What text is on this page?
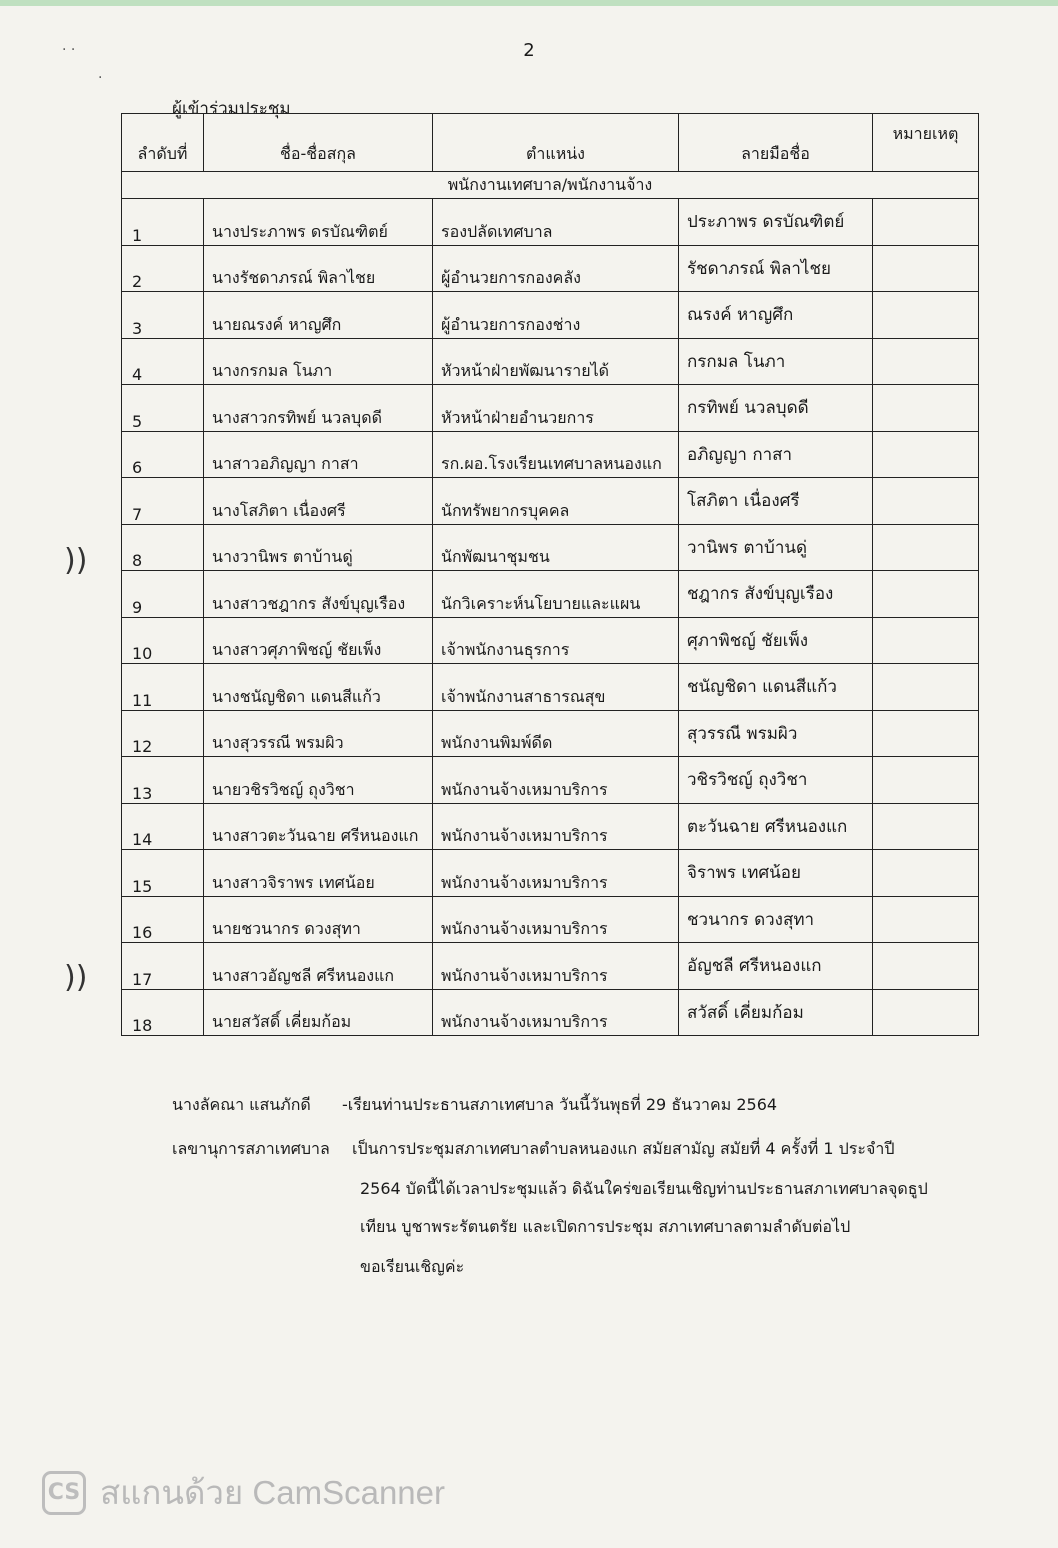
· ·
·
2
ผู้เข้าร่วมประชุม
ลำดับที่	ชื่อ-ชื่อสกุล	ตำแหน่ง	ลายมือชื่อ	หมายเหตุ
พนักงานเทศบาล/พนักงานจ้าง				
1	นางประภาพร ดรบัณฑิตย์	รองปลัดเทศบาล	ประภาพร ดรบัณฑิตย์	
2	นางรัชดาภรณ์ พิลาไชย	ผู้อำนวยการกองคลัง	รัชดาภรณ์ พิลาไชย	
3	นายณรงค์ หาญศึก	ผู้อำนวยการกองช่าง	ณรงค์ หาญศึก	
4	นางกรกมล โนภา	หัวหน้าฝ่ายพัฒนารายได้	กรกมล โนภา	
5	นางสาวกรทิพย์ นวลบุดดี	หัวหน้าฝ่ายอำนวยการ	กรทิพย์ นวลบุดดี	
6	นาสาวอภิญญา กาสา	รก.ผอ.โรงเรียนเทศบาลหนองแก	อภิญญา กาสา	
7	นางโสภิตา เนื่องศรี	นักทรัพยากรบุคคล	โสภิตา เนื่องศรี	
8	นางวานิพร ตาบ้านดู่	นักพัฒนาชุมชน	วานิพร ตาบ้านดู่	
9	นางสาวชฎากร สังข์บุญเรือง	นักวิเคราะห์นโยบายและแผน	ชฎากร สังข์บุญเรือง	
10	นางสาวศุภาพิชญ์ ชัยเพ็ง	เจ้าพนักงานธุรการ	ศุภาพิชญ์ ชัยเพ็ง	
11	นางชนัญชิดา แดนสีแก้ว	เจ้าพนักงานสาธารณสุข	ชนัญชิดา แดนสีแก้ว	
12	นางสุวรรณี พรมผิว	พนักงานพิมพ์ดีด	สุวรรณี พรมผิว	
13	นายวชิรวิชญ์ ถุงวิชา	พนักงานจ้างเหมาบริการ	วชิรวิชญ์ ถุงวิชา	
14	นางสาวตะวันฉาย ศรีหนองแก	พนักงานจ้างเหมาบริการ	ตะวันฉาย ศรีหนองแก	
15	นางสาวจิราพร เทศน้อย	พนักงานจ้างเหมาบริการ	จิราพร เทศน้อย	
16	นายชวนากร ดวงสุทา	พนักงานจ้างเหมาบริการ	ชวนากร ดวงสุทา	
17	นางสาวอัญชลี ศรีหนองแก	พนักงานจ้างเหมาบริการ	อัญชลี ศรีหนองแก	
18	นายสวัสดิ์ เคี่ยมก้อม	พนักงานจ้างเหมาบริการ	สวัสดิ์ เคี่ยมก้อม	
นางลัคณา แสนภักดี -เรียนท่านประธานสภาเทศบาล วันนี้วันพุธที่ 29 ธันวาคม 2564
เลขานุการสภาเทศบาล เป็นการประชุมสภาเทศบาลตำบลหนองแก สมัยสามัญ สมัยที่ 4 ครั้งที่ 1 ประจำปี
2564 บัดนี้ได้เวลาประชุมแล้ว ดิฉันใคร่ขอเรียนเชิญท่านประธานสภาเทศบาลจุดธูป
เทียน บูชาพระรัตนตรัย และเปิดการประชุม สภาเทศบาลตามลำดับต่อไป
ขอเรียนเชิญค่ะ
))
))
CS สแกนด้วย CamScanner
